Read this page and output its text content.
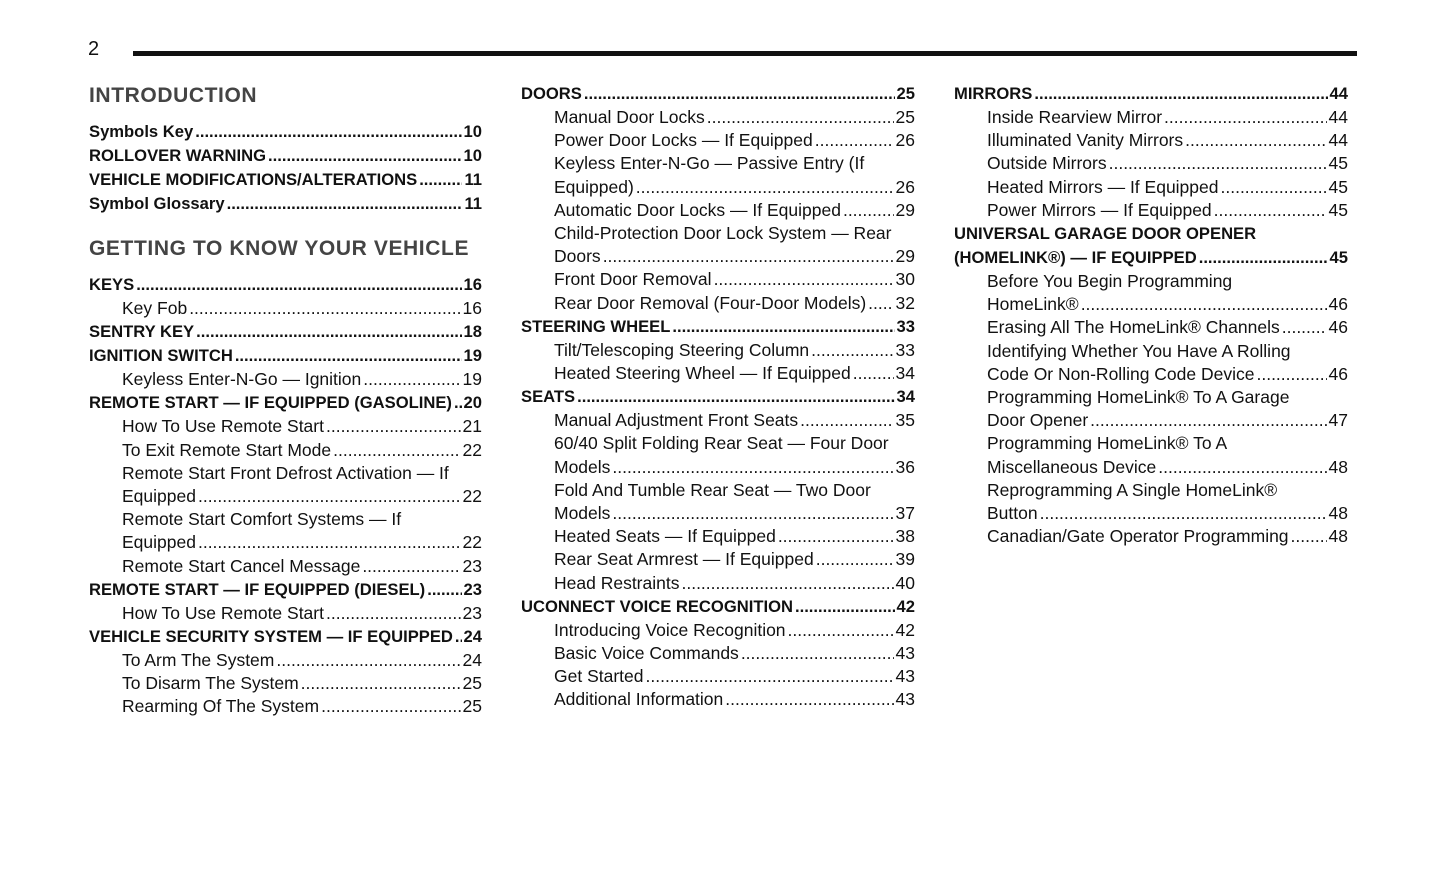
2
INTRODUCTION
Symbols Key .....	10
ROLLOVER WARNING .....	10
VEHICLE MODIFICATIONS/ALTERATIONS .....	11
Symbol Glossary .....	11
GETTING TO KNOW YOUR VEHICLE
KEYS .....	16
Key Fob .....	16
SENTRY KEY .....	18
IGNITION SWITCH .....	19
Keyless Enter-N-Go — Ignition .....	19
REMOTE START — IF EQUIPPED (GASOLINE) ..... 20
How To Use Remote Start .....	21
To Exit Remote Start Mode .....	22
Remote Start Front Defrost Activation — If
Equipped .....	22
Remote Start Comfort Systems — If
Equipped .....	22
Remote Start Cancel Message .....	23
REMOTE START — IF EQUIPPED (DIESEL) ..... 23
How To Use Remote Start .....	23
VEHICLE SECURITY SYSTEM — IF EQUIPPED ..... 24
To Arm The System .....	24
To Disarm The System .....	25
Rearming Of The System .....	25
DOORS .....	25
Manual Door Locks .....	25
Power Door Locks — If Equipped .....	26
Keyless Enter-N-Go — Passive Entry (If
Equipped) .....	26
Automatic Door Locks — If Equipped .....	29
Child-Protection Door Lock System — Rear
Doors .....	29
Front Door Removal .....	30
Rear Door Removal (Four-Door Models) ..... 32
STEERING WHEEL .....	33
Tilt/Telescoping Steering Column .....	33
Heated Steering Wheel — If Equipped .....	34
SEATS .....	34
Manual Adjustment Front Seats .....	35
60/40 Split Folding Rear Seat — Four Door
Models .....	36
Fold And Tumble Rear Seat — Two Door
Models .....	37
Heated Seats — If Equipped .....	38
Rear Seat Armrest — If Equipped .....	39
Head Restraints .....	40
UCONNECT VOICE RECOGNITION .....	42
Introducing Voice Recognition .....	42
Basic Voice Commands .....	43
Get Started .....	43
Additional Information .....	43
MIRRORS .....	44
Inside Rearview Mirror .....	44
Illuminated Vanity Mirrors .....	44
Outside Mirrors .....	45
Heated Mirrors — If Equipped .....	45
Power Mirrors — If Equipped .....	45
UNIVERSAL GARAGE DOOR OPENER
(HOMELINK®) — IF EQUIPPED .....	45
Before You Begin Programming
HomeLink® .....	46
Erasing All The HomeLink® Channels .....	46
Identifying Whether You Have A Rolling
Code Or Non-Rolling Code Device .....	46
Programming HomeLink® To A Garage
Door Opener .....	47
Programming HomeLink® To A
Miscellaneous Device .....	48
Reprogramming A Single HomeLink®
Button .....	48
Canadian/Gate Operator Programming ..... 48
